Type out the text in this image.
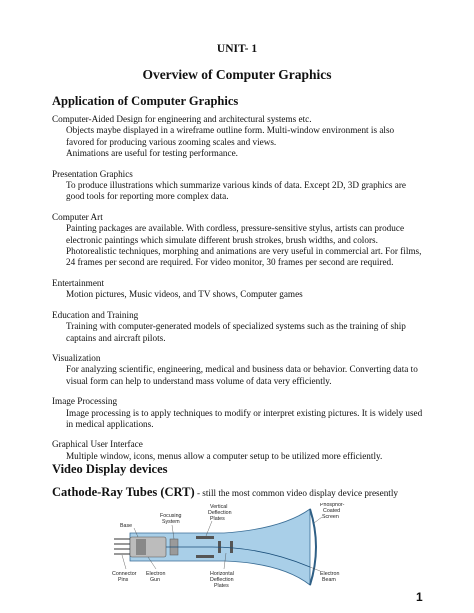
UNIT- 1
Overview of Computer Graphics
Application of Computer Graphics
Computer-Aided Design for engineering and architectural systems etc.
Objects maybe displayed in a wireframe outline form. Multi-window environment is also favored for producing various zooming scales and views.
Animations are useful for testing performance.
Presentation Graphics
To produce illustrations which summarize various kinds of data. Except 2D, 3D graphics are good tools for reporting more complex data.
Computer Art
Painting packages are available. With cordless, pressure-sensitive stylus, artists can produce electronic paintings which simulate different brush strokes, brush widths, and colors. Photorealistic techniques, morphing and animations are very useful in commercial art. For films, 24 frames per second are required. For video monitor, 30 frames per second are required.
Entertainment
Motion pictures, Music videos, and TV shows, Computer games
Education and Training
Training with computer-generated models of specialized systems such as the training of ship captains and aircraft pilots.
Visualization
For analyzing scientific, engineering, medical and business data or behavior. Converting data to visual form can help to understand mass volume of data very efficiently.
Image Processing
Image processing is to apply techniques to modify or interpret existing pictures. It is widely used in medical applications.
Graphical User Interface
Multiple window, icons, menus allow a computer setup to be utilized more efficiently.
Video Display devices
Cathode-Ray Tubes (CRT) - still the most common video display device presently
Base
Focusing
System
Vertical
Deflection
Plates
Phosphor-
Coated
Screen
Connector
Pins
Electron
Gun
Horizontal
Deflection
Plates
Electron
Beam
1
